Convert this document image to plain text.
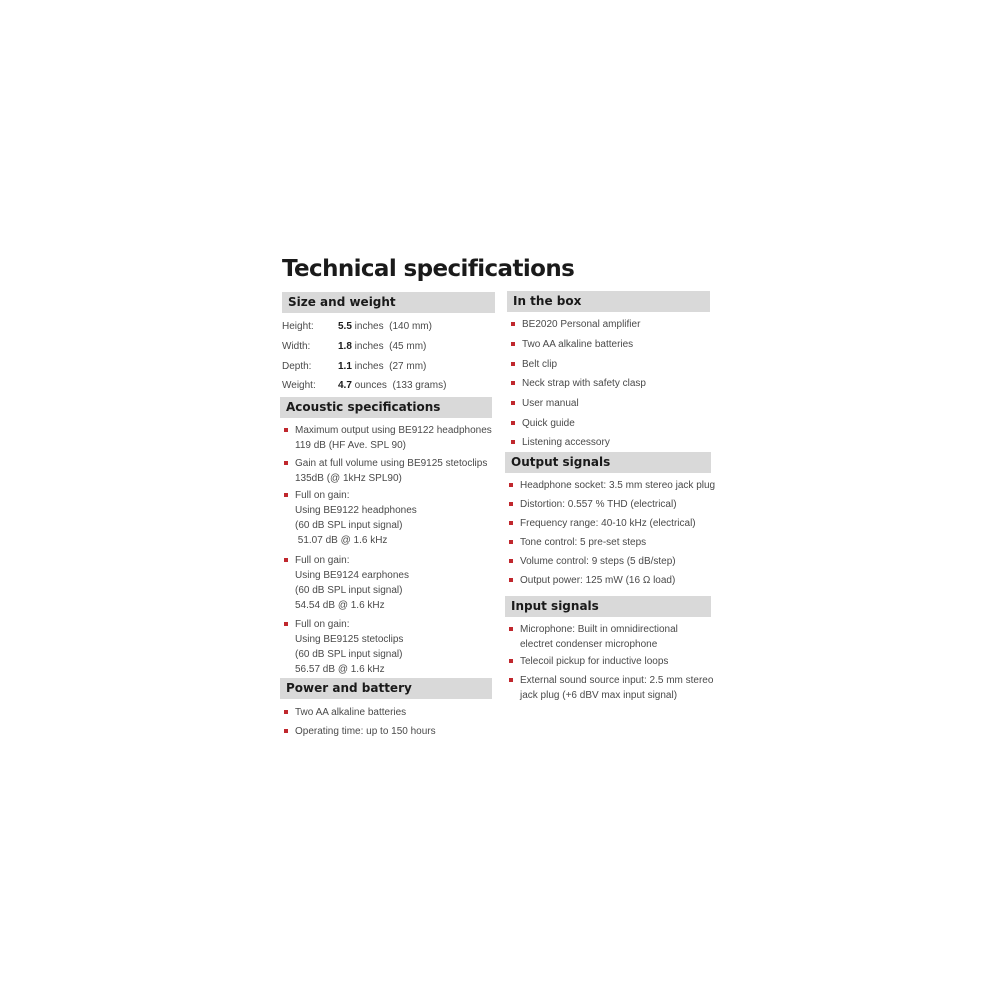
Technical specifications
Size and weight
Height: 5.5 inches (140 mm)
Width:	1.8 inches (45 mm)
Depth:	1.1 inches (27 mm)
Weight: 4.7 ounces (133 grams)
Acoustic specifications
Maximum output using BE9122 headphones
119 dB (HF Ave. SPL 90)
Gain at full volume using BE9125 stetoclips
135dB (@ 1kHz SPL90)
Full on gain:
Using BE9122 headphones
(60 dB SPL input signal)
51.07 dB @ 1.6 kHz
Full on gain:
Using BE9124 earphones
(60 dB SPL input signal)
54.54 dB @ 1.6 kHz
Full on gain:
Using BE9125 stetoclips
(60 dB SPL input signal)
56.57 dB @ 1.6 kHz
Power and battery
Two AA alkaline batteries
Operating time: up to 150 hours
In the box
BE2020 Personal amplifier
Two AA alkaline batteries
Belt clip
Neck strap with safety clasp
User manual
Quick guide
Listening accessory
Output signals
Headphone socket: 3.5 mm stereo jack plug
Distortion: 0.557 % THD (electrical)
Frequency range: 40-10 kHz (electrical)
Tone control: 5 pre-set steps
Volume control: 9 steps (5 dB/step)
Output power: 125 mW (16 Ω load)
Input signals
Microphone: Built in omnidirectional
electret condenser microphone
Telecoil pickup for inductive loops
External sound source input: 2.5 mm stereo
jack plug (+6 dBV max input signal)
